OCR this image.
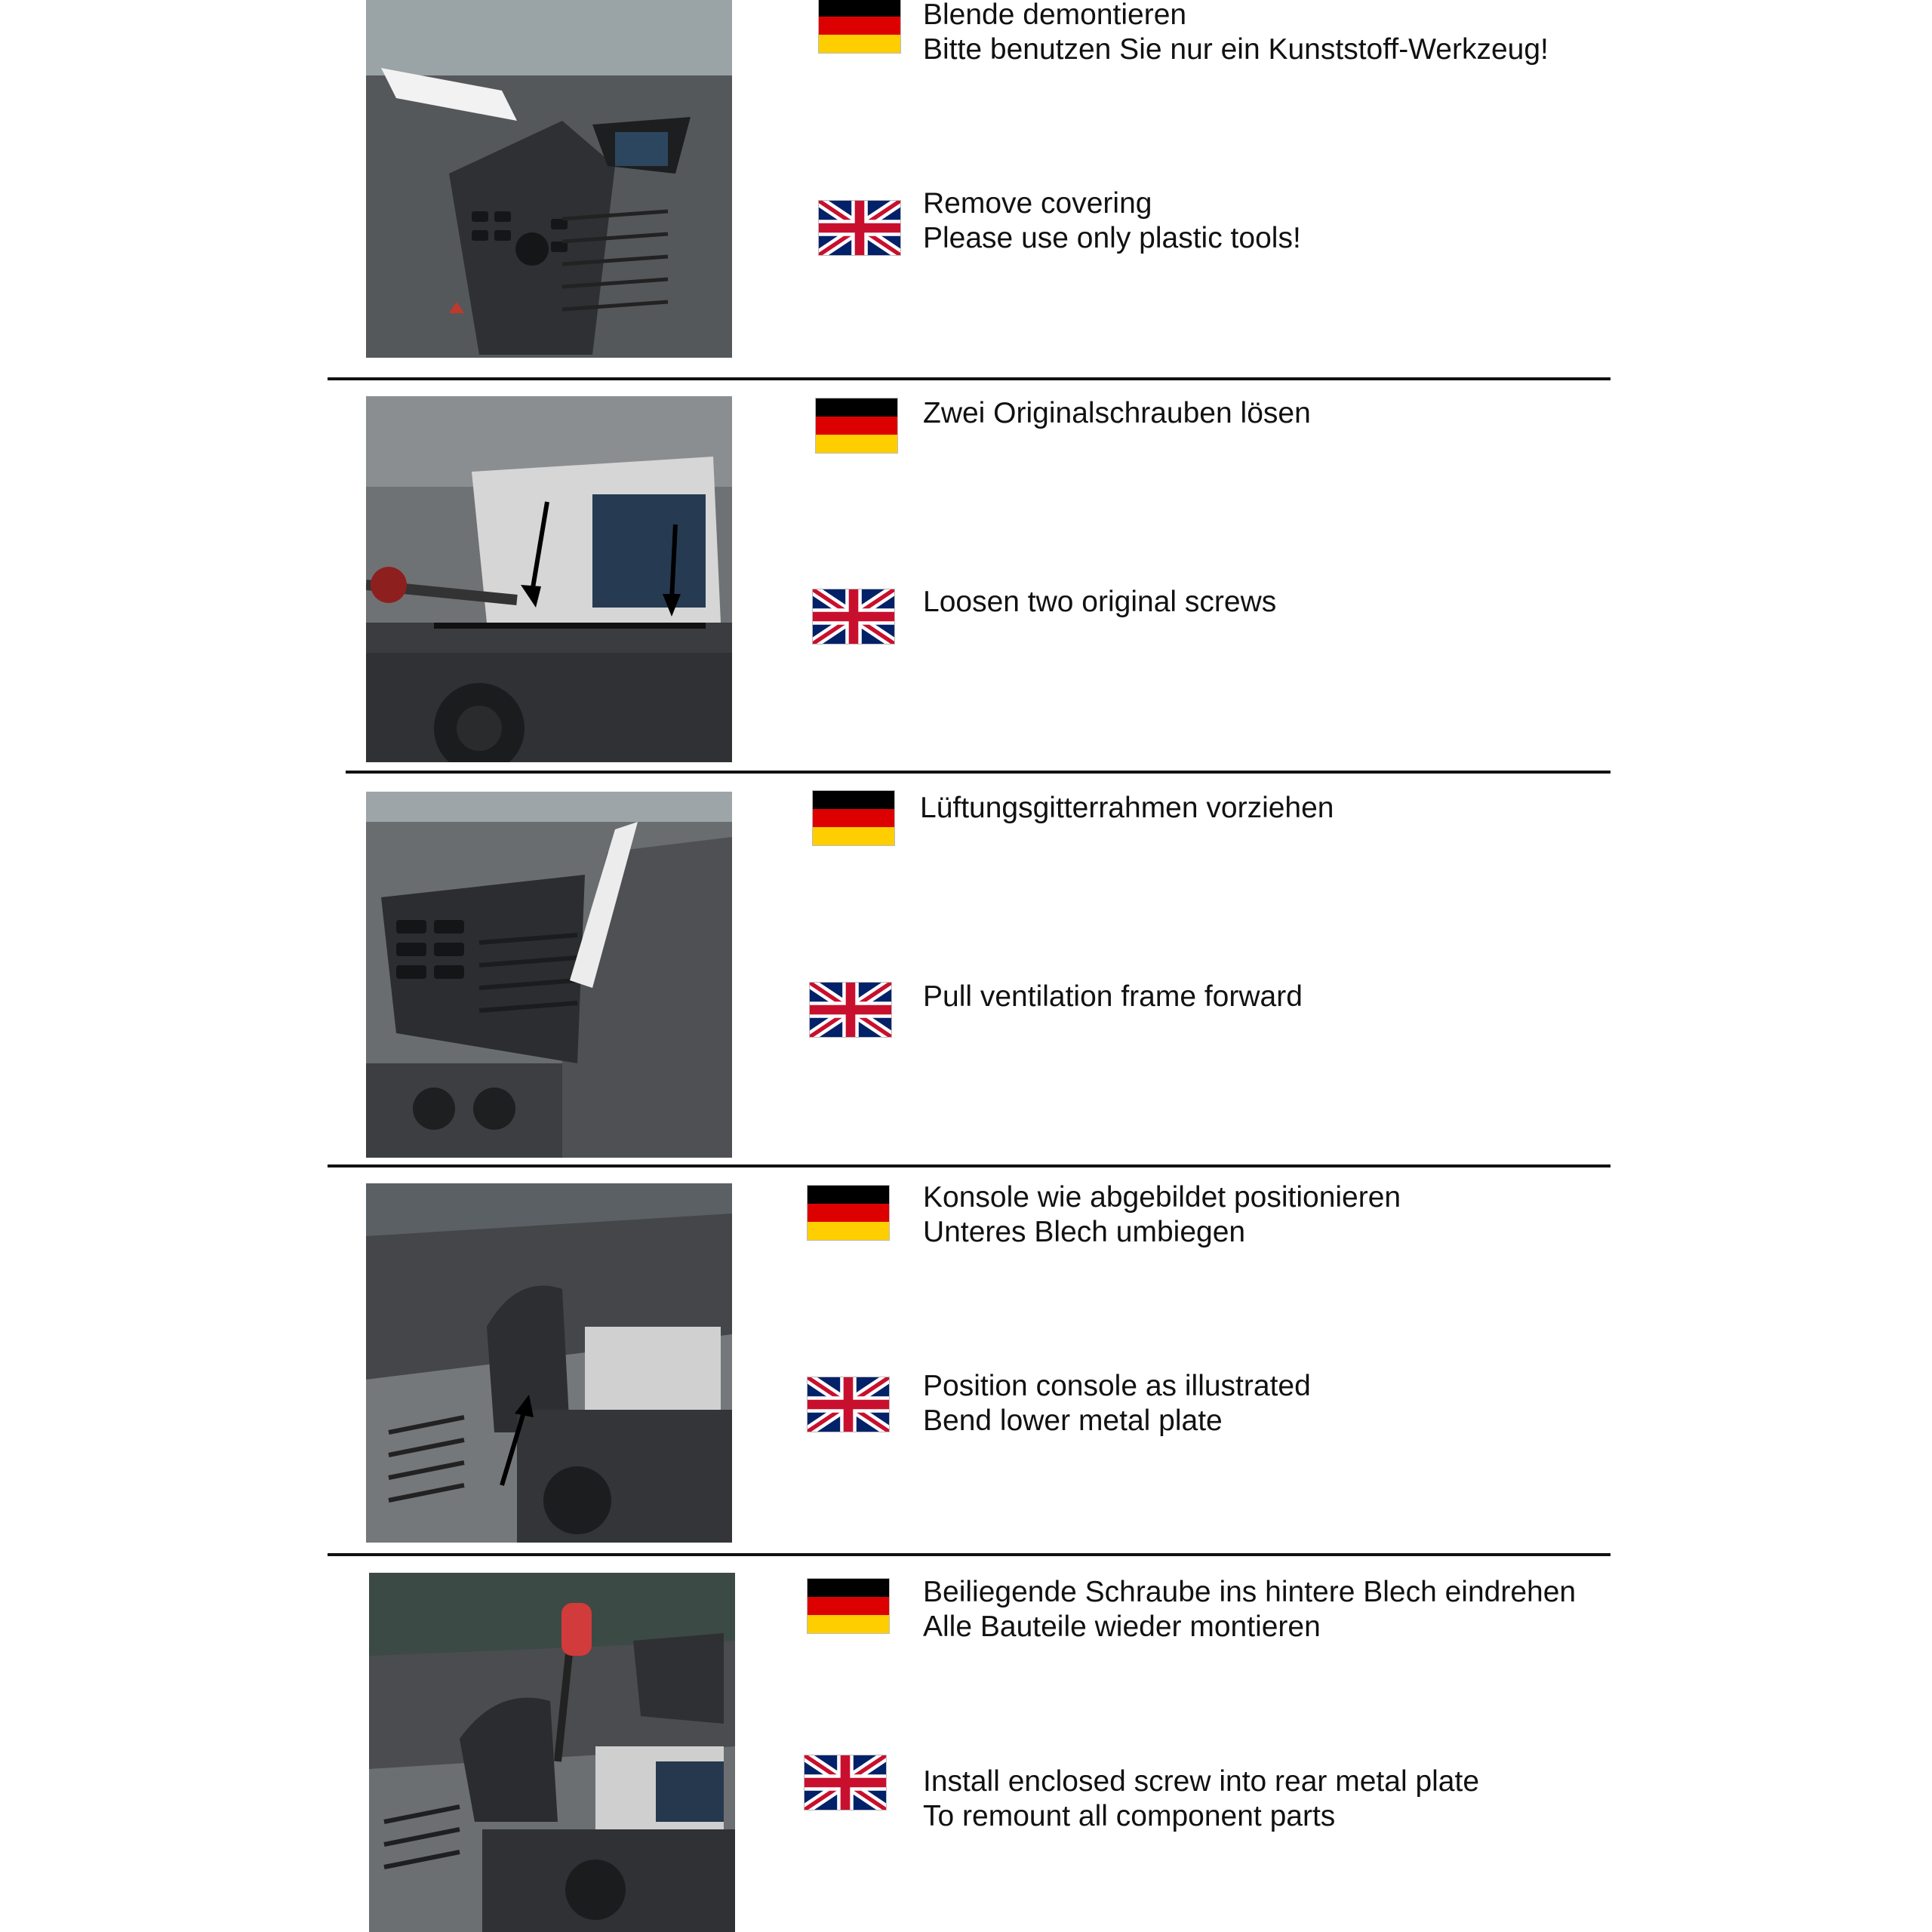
Blende demontieren
Bitte benutzen Sie nur ein Kunststoff-Werkzeug!
Remove covering
Please use only plastic tools!
Zwei Originalschrauben lösen
Loosen two original screws
Lüftungsgitterrahmen vorziehen
Pull ventilation frame forward
Konsole wie abgebildet positionieren
Unteres Blech umbiegen
Position console as illustrated
Bend lower metal plate
Beiliegende Schraube ins hintere Blech eindrehen
Alle Bauteile wieder montieren
Install enclosed screw into rear metal plate
To remount all component parts
